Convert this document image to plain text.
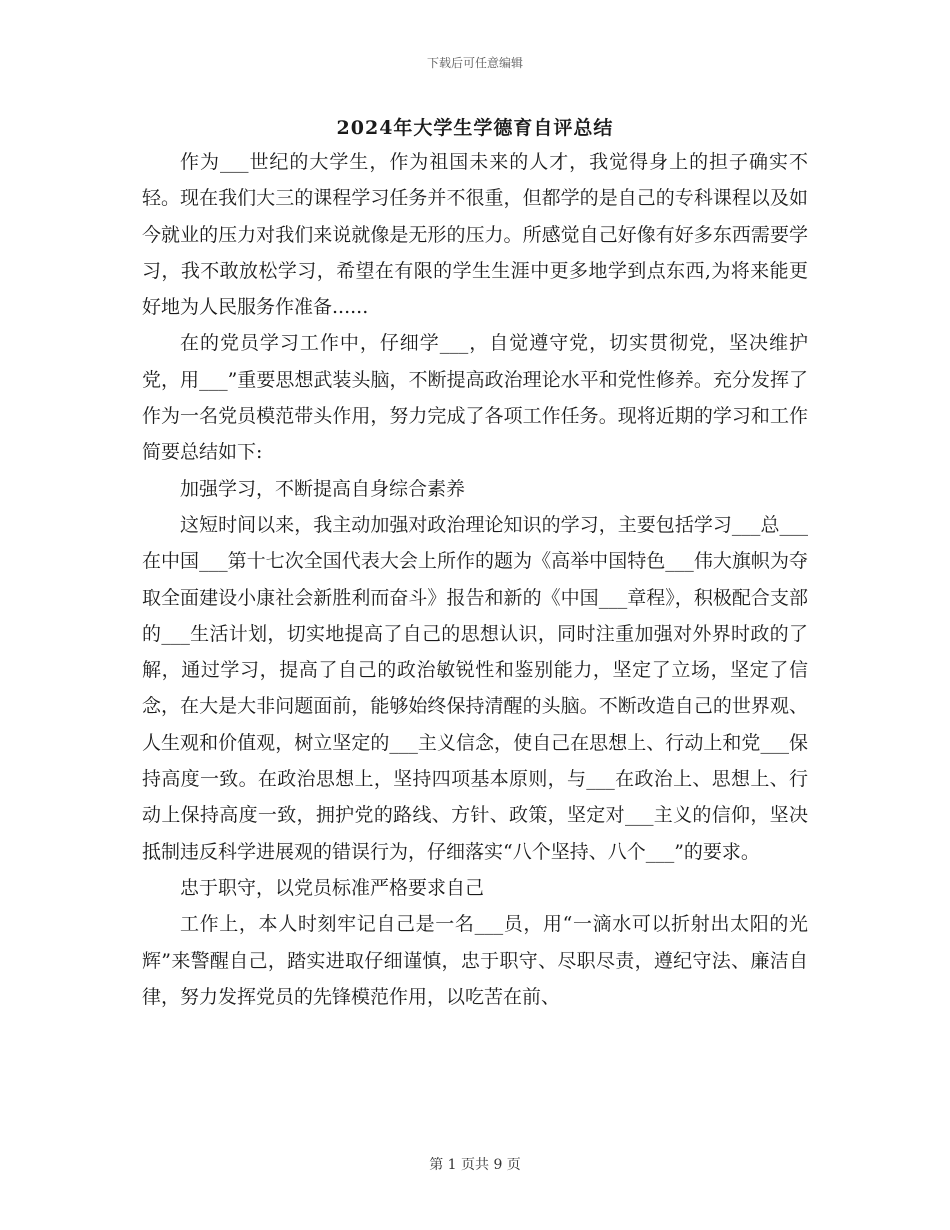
下载后可任意编辑
2024年大学生学德育自评总结

作为___世纪的大学生，作为祖国未来的人才，我觉得身上的担子确实不轻。现在我们大三的课程学习任务并不很重，但都学的是自己的专科课程以及如今就业的压力对我们来说就像是无形的压力。所感觉自己好像有好多东西需要学习，我不敢放松学习，希望在有限的学生生涯中更多地学到点东西,为将来能更好地为人民服务作准备......

在的党员学习工作中，仔细学___，自觉遵守党，切实贯彻党，坚决维护党，用___”重要思想武装头脑，不断提高政治理论水平和党性修养。充分发挥了作为一名党员模范带头作用，努力完成了各项工作任务。现将近期的学习和工作简要总结如下:

加强学习，不断提高自身综合素养

这短时间以来，我主动加强对政治理论知识的学习，主要包括学习___总___在中国___第十七次全国代表大会上所作的题为《高举中国特色___伟大旗帜为夺取全面建设小康社会新胜利而奋斗》报告和新的《中国___章程》，积极配合支部的___生活计划，切实地提高了自己的思想认识，同时注重加强对外界时政的了解，通过学习，提高了自己的政治敏锐性和鉴别能力，坚定了立场，坚定了信念，在大是大非问题面前，能够始终保持清醒的头脑。不断改造自己的世界观、人生观和价值观，树立坚定的___主义信念，使自己在思想上、行动上和党___保持高度一致。在政治思想上，坚持四项基本原则，与___在政治上、思想上、行动上保持高度一致，拥护党的路线、方针、政策，坚定对___主义的信仰，坚决抵制违反科学进展观的错误行为，仔细落实“八个坚持、八个___”的要求。

忠于职守，以党员标准严格要求自己

工作上，本人时刻牢记自己是一名___员，用“一滴水可以折射出太阳的光辉”来警醒自己，踏实进取仔细谨慎，忠于职守、尽职尽责，遵纪守法、廉洁自律，努力发挥党员的先锋模范作用，以吃苦在前、

第 1 页共 9 页
